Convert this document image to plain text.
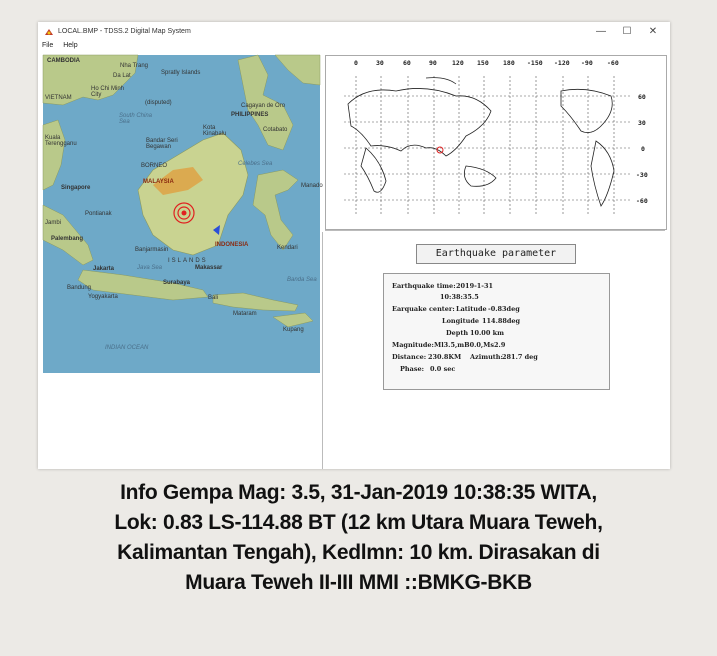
LOCAL.BMP - TDSS.2 Digital Map System	—	☐	✕
File Help
CAMBODIA
VIETNAM
Nha Trang
Da Lat
Ho Chi Minh City
Spratly Islands
(disputed)
South China Sea
PHILIPPINES
Cagayan de Oro
Cotabato
Kota Kinabalu
Bandar Seri Begawan
BORNEO	Celebes Sea
MALAYSIA
Singapore
Kuala Terengganu
Pontianak
Palembang
Jambi
Banjarmasin
INDONESIA	Kendari
Manado
Jakarta
Bandung
Surabaya
Yogyakarta
Makassar
Java Sea
ISLANDS
Bali
Kupang
INDIAN OCEAN
Banda Sea
Mataram
0	30	60	90 120 150 180 -150 -120 -90 -60
60
30
0
-30
-60
Earthquake parameter
Earthquake time: 2019-1-31
10:38:35.5
Earquake center: Latitude -0.83deg
Longitude 114.88deg
Depth 10.00 km
Magnitude: Ml3.5,mB0.0,Ms2.9
Distance: 230.8KM Azimuth: 281.7 deg
Phase: 0.0 sec
Info Gempa Mag: 3.5, 31-Jan-2019 10:38:35 WITA,
Lok: 0.83 LS-114.88 BT (12 km Utara Muara Teweh,
Kalimantan Tengah), Kedlmn: 10 km. Dirasakan di
Muara Teweh II-III MMI ::BMKG-BKB
